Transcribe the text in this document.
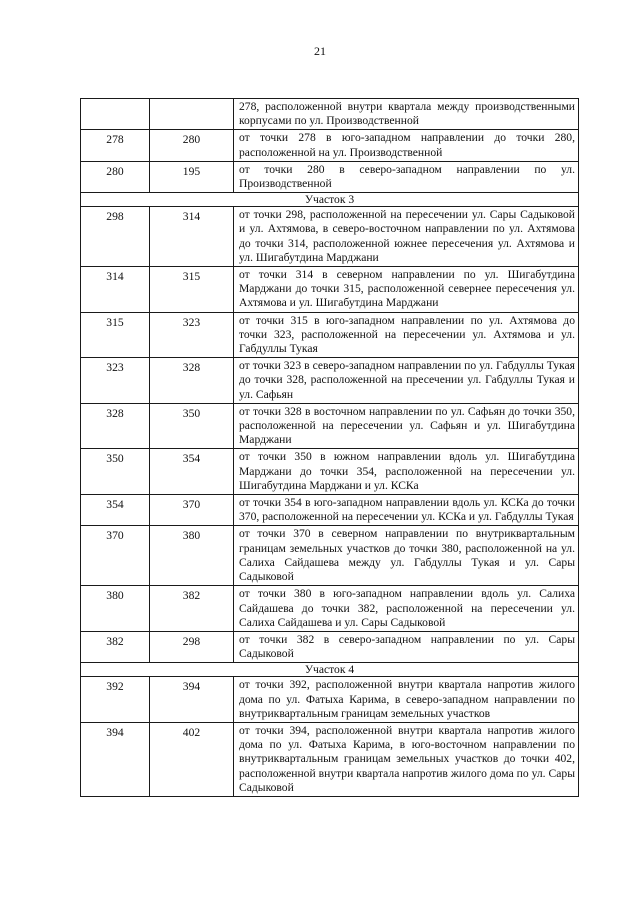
21
		278, расположенной внутри квартала между производственными корпусами по ул. Производственной
278	280	от точки 278 в юго-западном направлении до точки 280, расположенной на ул. Производственной
280	195	от точки 280 в северо-западном направлении по ул. Производственной
Участок 3		
298	314	от точки 298, расположенной на пересечении ул. Сары Садыковой и ул. Ахтямова, в северо-восточном направлении по ул. Ахтямова до точки 314, расположенной южнее пересечения ул. Ахтямова и ул. Шигабутдина Марджани
314	315	от точки 314 в северном направлении по ул. Шигабутдина Марджани до точки 315, расположенной севернее пересечения ул. Ахтямова и ул. Шигабутдина Марджани
315	323	от точки 315 в юго-западном направлении по ул. Ахтямова до точки 323, расположенной на пересечении ул. Ахтямова и ул. Габдуллы Тукая
323	328	от точки 323 в северо-западном направлении по ул. Габдуллы Тукая до точки 328, расположенной на пресечении ул. Габдуллы Тукая и ул. Сафьян
328	350	от точки 328 в восточном направлении по ул. Сафьян до точки 350, расположенной на пересечении ул. Сафьян и ул. Шигабутдина Марджани
350	354	от точки 350 в южном направлении вдоль ул. Шигабутдина Марджани до точки 354, расположенной на пересечении ул. Шигабутдина Марджани и ул. КСКа
354	370	от точки 354 в юго-западном направлении вдоль ул. КСКа до точки 370, расположенной на пересечении ул. КСКа и ул. Габдуллы Тукая
370	380	от точки 370 в северном направлении по внутриквартальным границам земельных участков до точки 380, расположенной на ул. Салиха Сайдашева между ул. Габдуллы Тукая и ул. Сары Садыковой
380	382	от точки 380 в юго-западном направлении вдоль ул. Салиха Сайдашева до точки 382, расположенной на пересечении ул. Салиха Сайдашева и ул. Сары Садыковой
382	298	от точки 382 в северо-западном направлении по ул. Сары Садыковой
Участок 4		
392	394	от точки 392, расположенной внутри квартала напротив жилого дома по ул. Фатыха Карима, в северо-западном направлении по внутриквартальным границам земельных участков
394	402	от точки 394, расположенной внутри квартала напротив жилого дома по ул. Фатыха Карима, в юго-восточном направлении по внутриквартальным границам земельных участков до точки 402, расположенной внутри квартала напротив жилого дома по ул. Сары Садыковой
